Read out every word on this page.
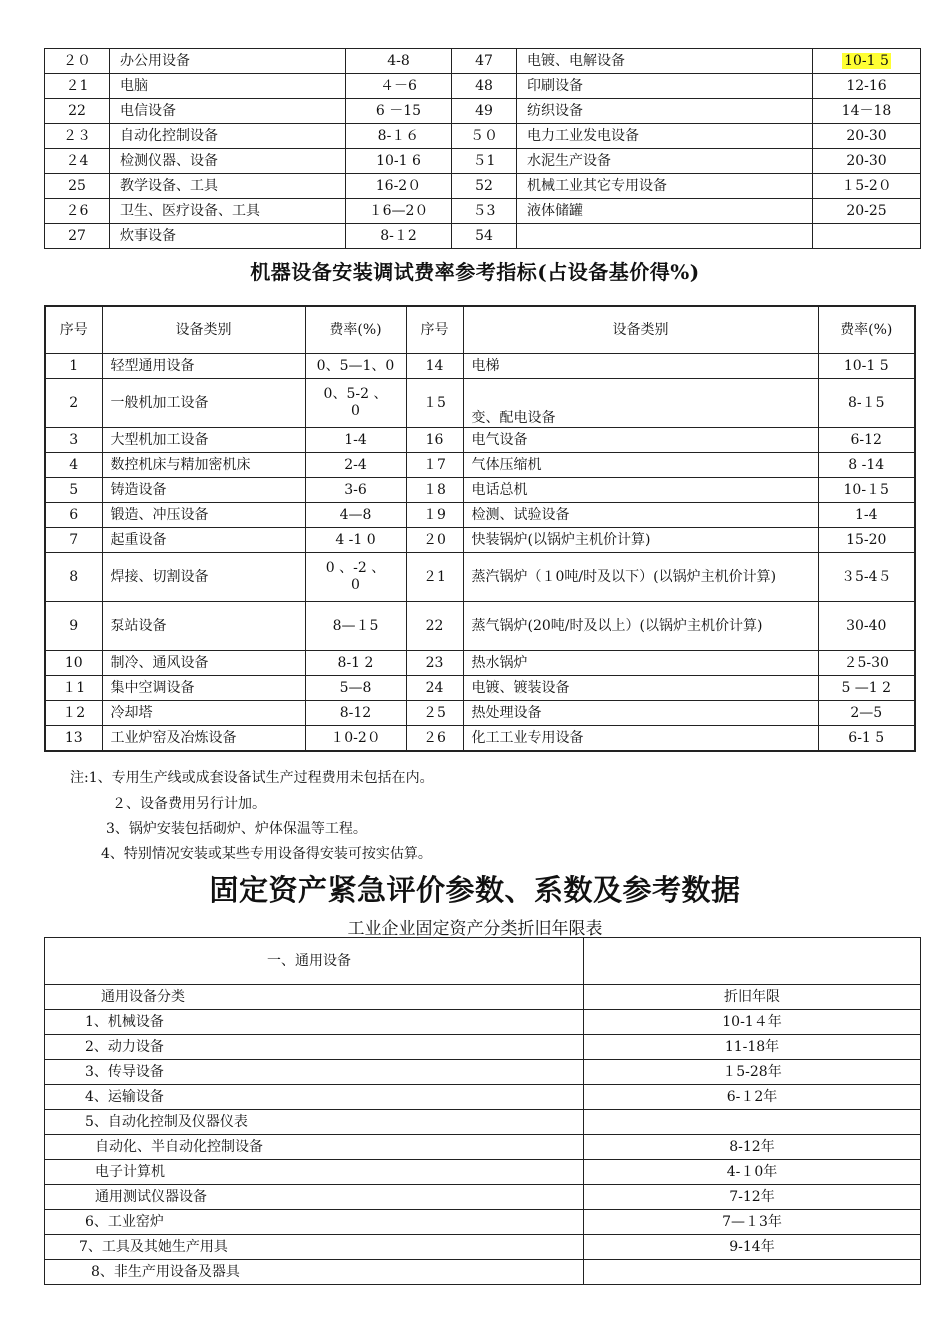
２０	办公用设备	4-8	47	电镀、电解设备	10-1 5
２1	电脑	４－6	48	印刷设备	12-16
22	电信设备	6 －15	49	纺织设备	14－18
２３	自动化控制设备	8-１６	５０	电力工业发电设备	20-30
２4	检测仪器、设备	10-1 6	５1	水泥生产设备	20-30
25	教学设备、工具	16-2０	52	机械工业其它专用设备	１5-2０
２6	卫生、医疗设备、工具	１6—2０	５3	液体储罐	20-25
27	炊事设备	8-１2	54		
机器设备安装调试费率参考指标(占设备基价得%)
序号	设备类别	费率(%)	序号	设备类别	费率(%)
1	轻型通用设备	0、5—1、0	14	电梯	10-1 5
2	一般机加工设备	0、5-2 、0	１5	变、配电设备	8-１5
3	大型机加工设备	1-4	16	电气设备	6-12
4	数控机床与精加密机床	2-4	１7	气体压缩机	8 -14
5	铸造设备	3-6	１8	电话总机	10-１5
6	锻造、冲压设备	4—8	１9	检测、试验设备	1-4
7	起重设备	4 -1 0	２0	快装锅炉(以锅炉主机价计算)	15-20
8	焊接、切割设备	0 、-2 、0	２1	蒸汽锅炉（１0吨/时及以下）(以锅炉主机价计算)	３5-4５
9	泵站设备	8—１5	22	蒸气锅炉(20吨/时及以上）(以锅炉主机价计算)	30-40
10	制冷、通风设备	8-1 2	23	热水锅炉	２5-30
１1	集中空调设备	5—8	24	电镀、镀装设备	5 —1 2
１2	冷却塔	8-12	２5	热处理设备	2—5
13	工业炉窑及冶炼设备	１0-2０	２6	化工工业专用设备	6-1 5
注:1、专用生产线或成套设备试生产过程费用未包括在内。
２、设备费用另行计加。
3、锅炉安装包括砌炉、炉体保温等工程。
4、特别情况安装或某些专用设备得安装可按实估算。
固定资产紧急评价参数、系数及参考数据
工业企业固定资产分类折旧年限表
一、通用设备	
通用设备分类	折旧年限
1、机械设备	10-1４年
2、动力设备	11-18年
3、传导设备	１5-28年
4、运输设备	6-１2年
5、自动化控制及仪器仪表	
自动化、半自动化控制设备	8-12年
电子计算机	4-１0年
通用测试仪器设备	7-12年
6、工业窑炉	7—１3年
7、工具及其她生产用具	9-14年
8、非生产用设备及器具	
